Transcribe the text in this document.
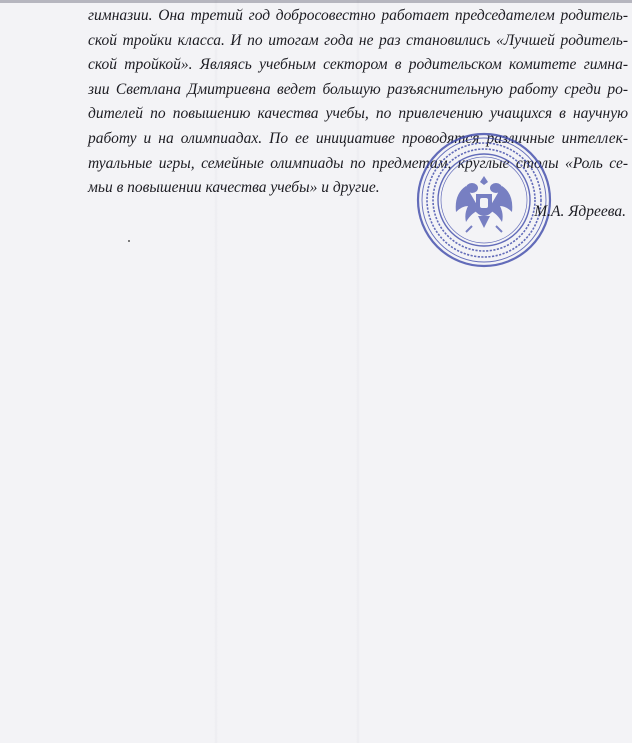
гимназии. Она третий год добросовестно работает председателем родитель-
ской тройки класса. И по итогам года не раз становились «Лучшей родитель-
ской тройкой». Являясь учебным сектором в родительском комитете гимна-
зии Светлана Дмитриевна ведет большую разъяснительную работу среди ро-
дителей по повышению качества учебы, по привлечению учащихся в научную
работу и на олимпиадах. По ее инициативе проводятся различные интеллек-
туальные игры, семейные олимпиады по предметам, круглые столы «Роль се-
мьи в повышении качества учебы» и другие.
М.А. Ядреева.
